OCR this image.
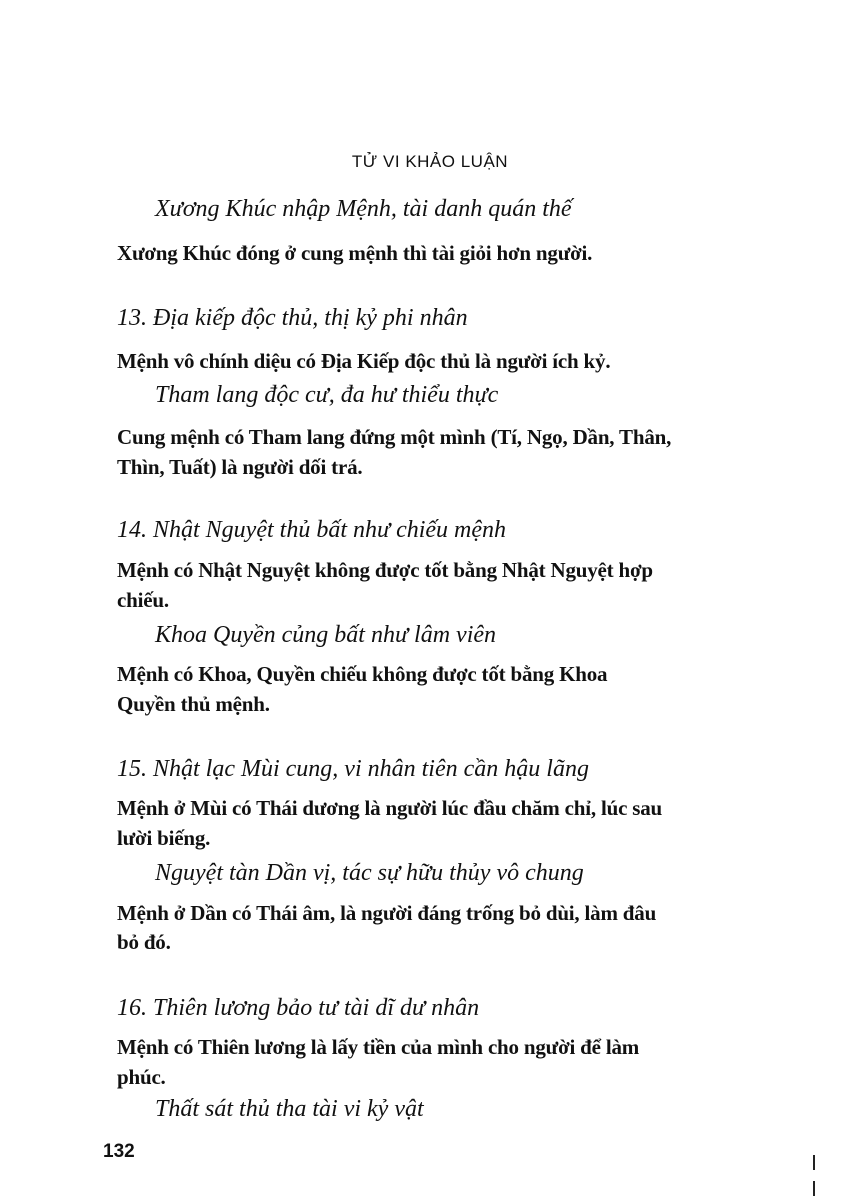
TỬ VI KHẢO LUẬN
Xương Khúc nhập Mệnh, tài danh quán thế
Xương Khúc đóng ở cung mệnh thì tài giỏi hơn người.
13. Địa kiếp độc thủ, thị kỷ phi nhân
Mệnh vô chính diệu có Địa Kiếp độc thủ là người ích kỷ.
Tham lang độc cư, đa hư thiểu thực
Cung mệnh có Tham lang đứng một mình (Tí, Ngọ, Dần, Thân,
Thìn, Tuất) là người dối trá.
14. Nhật Nguyệt thủ bất như chiếu mệnh
Mệnh có Nhật Nguyệt không được tốt bằng Nhật Nguyệt hợp
chiếu.
Khoa Quyền củng bất như lâm viên
Mệnh có Khoa, Quyền chiếu không được tốt bằng Khoa
Quyền thủ mệnh.
15. Nhật lạc Mùi cung, vi nhân tiên cần hậu lãng
Mệnh ở Mùi có Thái dương là người lúc đầu chăm chỉ, lúc sau
lười biếng.
Nguyệt tàn Dần vị, tác sự hữu thủy vô chung
Mệnh ở Dần có Thái âm, là người đáng trống bỏ dùi, làm đâu
bỏ đó.
16. Thiên lương bảo tư tài dĩ dư nhân
Mệnh có Thiên lương là lấy tiền của mình cho người để làm
phúc.
Thất sát thủ tha tài vi kỷ vật
132
